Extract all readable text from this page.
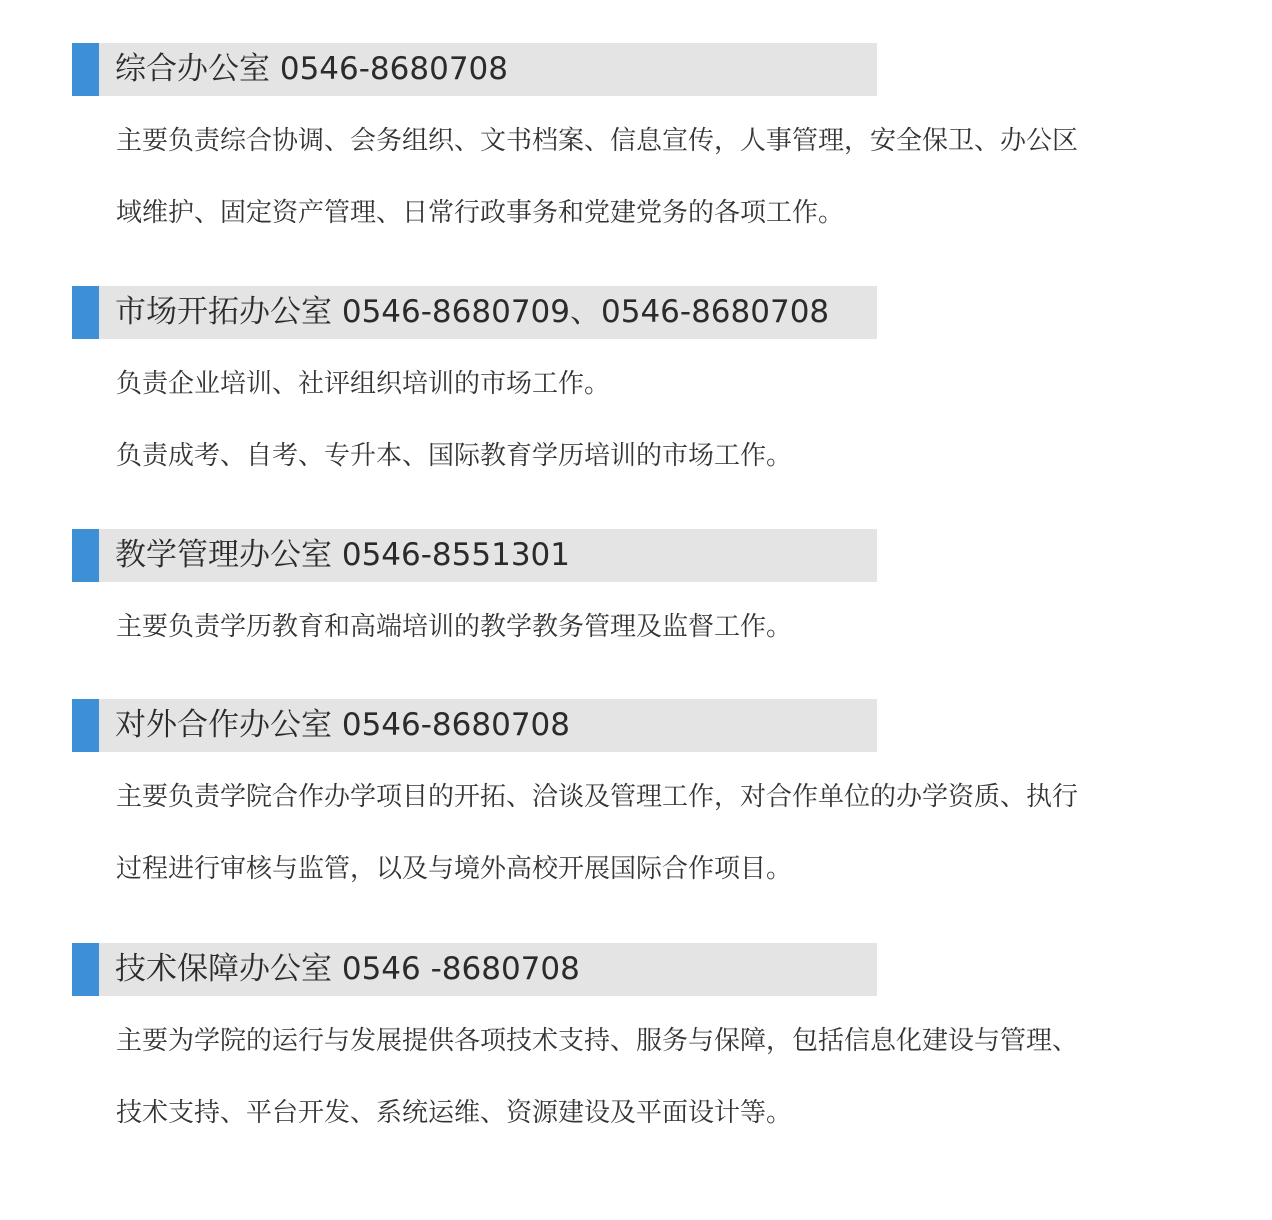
综合办公室 0546-8680708
主要负责综合协调、会务组织、文书档案、信息宣传，人事管理，安全保卫、办公区
域维护、固定资产管理、日常行政事务和党建党务的各项工作。
市场开拓办公室 0546-8680709、0546-8680708
负责企业培训、社评组织培训的市场工作。
负责成考、自考、专升本、国际教育学历培训的市场工作。
教学管理办公室 0546-8551301
主要负责学历教育和高端培训的教学教务管理及监督工作。
对外合作办公室 0546-8680708
主要负责学院合作办学项目的开拓、洽谈及管理工作，对合作单位的办学资质、执行
过程进行审核与监管，以及与境外高校开展国际合作项目。
技术保障办公室 0546 -8680708
主要为学院的运行与发展提供各项技术支持、服务与保障，包括信息化建设与管理、
技术支持、平台开发、系统运维、资源建设及平面设计等。
